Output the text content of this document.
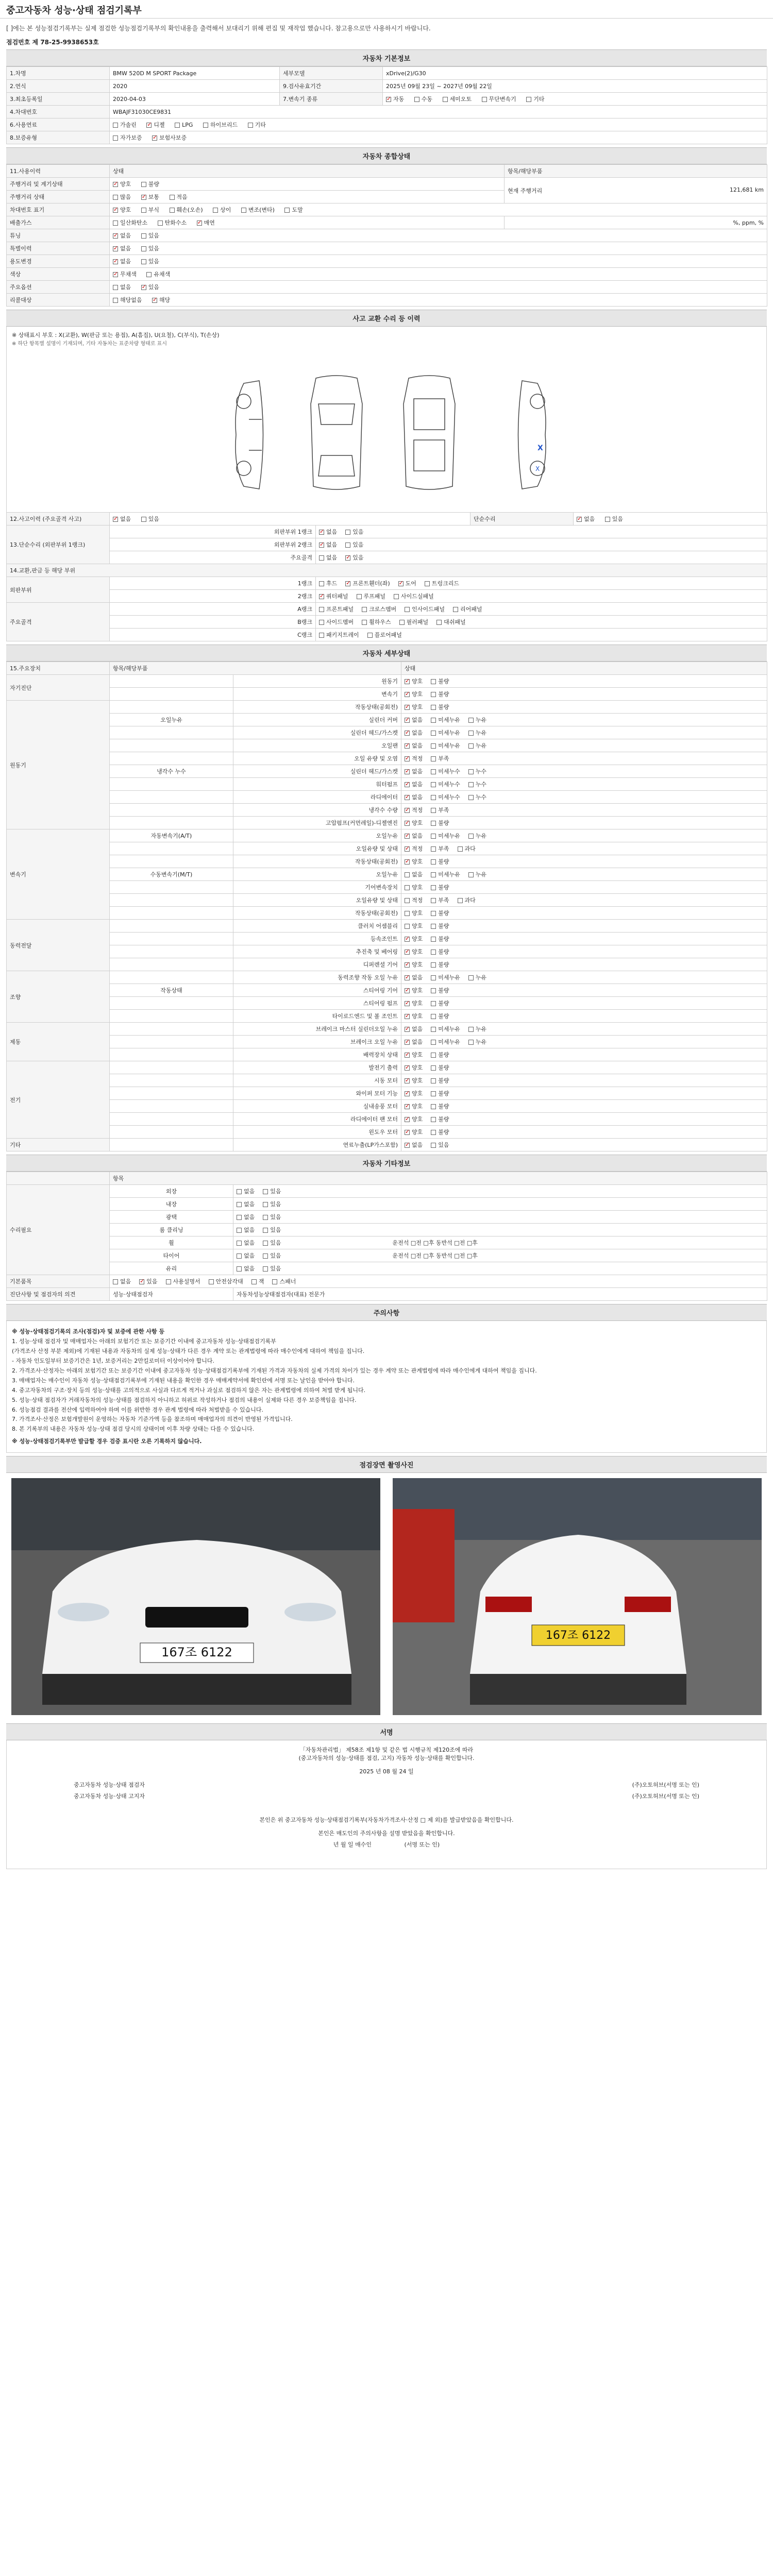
중고자동차 성능·상태 점검기록부
[ ]에는 본 성능점검기록부는 실제 점검한 성능점검기록부의 확인내용을 출력해서 보대리기 위해 편집 및 재작업 했습니다. 참고용으로만 사용하시기 바랍니다.
점검번호 제 78-25-9938653호
자동차 기본정보
1.차명	BMW 520D M SPORT Package	세부모델	xDrive(2)/G30
2.연식	2020	9.검사유효기간	2025년 09월 23일 ~ 2027년 09월 22일
3.최초등록일	2020-04-03	7.변속기 종류	✓자동 수동 세미오토 무단변속기 기타
4.차대번호	WBAJF31030CE9831		
6.사용연료	가솔린 ✓ 디젤 LPG 하이브리드 기타
8.보증유형	자가보증 ✓ 보험사보증
자동차 종합상태
11.사용이력	상태	항목/해당부품
주행거리 및 계기상태	✓양호 불량	현재 주행거리 121,681 km

주행거리 상태	많음 ✓ 보통 적음
차대번호 표기	✓양호 부식 훼손(오손) 상이 변조(변타) 도말
배출가스	일산화탄소 탄화수소 ✓ 매연	%, ppm, %
튜닝	✓없음 있음
특별이력	✓없음 있음
용도변경	✓없음 있음
색상	✓무채색 유채색
주요옵션	없음 ✓ 있음
리콜대상	해당없음 ✓ 해당
사고 교환 수리 등 이력
※ 상태표시 부호 : X(교환), W(판금 또는 용접), A(흠집), U(요철), C(부식), T(손상)
※ 하단 항목별 설명이 기재되며, 기타 자동차는 표준차량 형태로 표시
X
X
12.사고이력 (주요골격 사고)	✓없음 있음		단순수리	✓없음 있음
13.단순수리 (외판부위 1랭크)	외판부위 1랭크	✓없음 있음
	외판부위 2랭크	✓없음 있음
	주요골격	없음 ✓ 있음
14.교환,판금 등 해당 부위				
외판부위	1랭크	후드 ✓ 프론트휀더(좌) ✓ 도어 트렁크리드
	2랭크	✓쿼터패널 루프패널 사이드실패널
주요골격	A랭크	프론트패널 크로스멤버 인사이드패널 리어패널		
	B랭크	사이드멤버 휠하우스 필러패널 대쉬패널		
	C랭크	패키지트레이 플로어패널		
자동차 세부상태
15.주요장치	항목/해당부품		상태
자기진단		원동기	✓양호 불량
		변속기	✓양호 불량
원동기		작동상태(공회전)	✓양호 불량
	오일누유	실린더 커버	✓없음 미세누유 누유
		실린더 헤드/가스켓	✓없음 미세누유 누유
		오일팬	✓없음 미세누유 누유
		오일 유량 및 오염	✓적정 부족
	냉각수 누수	실린더 헤드/가스켓	✓없음 미세누수 누수
		워터펌프	✓없음 미세누수 누수
		라디에이터	✓없음 미세누수 누수
		냉각수 수량	✓적정 부족
		고압펌프(커먼레일)-디젤엔진	✓양호 불량
변속기	자동변속기(A/T)	오일누유	✓없음 미세누유 누유
		오일유량 및 상태	✓적정 부족 과다
		작동상태(공회전)	✓양호 불량
	수동변속기(M/T)	오일누유	없음 미세누유 누유
		기어변속장치	양호 불량
		오일유량 및 상태	적정 부족 과다
		작동상태(공회전)	양호 불량
동력전달		클러치 어셈블리	양호 불량
		등속조인트	✓양호 불량
		추진축 및 베어링	✓양호 불량
		디퍼렌셜 기어	✓양호 불량
조향		동력조향 작동 오일 누유	✓없음 미세누유 누유
	작동상태	스티어링 기어	✓양호 불량
		스티어링 펌프	✓양호 불량
		타이로드엔드 및 볼 조인트	✓양호 불량
제동		브레이크 마스터 실린더오일 누유	✓없음 미세누유 누유
		브레이크 오일 누유	✓없음 미세누유 누유
		배력장치 상태	✓양호 불량
전기		발전기 출력	✓양호 불량
		시동 모터	✓양호 불량
		와이퍼 모터 기능	✓양호 불량
		실내송풍 모터	✓양호 불량
		라디에이터 팬 모터	✓양호 불량
		윈도우 모터	✓양호 불량
기타		연료누출(LP가스포함)	✓없음 있음
자동차 기타정보
	항목	
수리필요	외장	없음 있음
	내장	없음 있음
	광택	없음 있음
	룸 클리닝	없음 있음
	휠	없음 있음 운전석 □전 □후 동반석 □전 □후
	타이어	없음 있음 운전석 □전 □후 동반석 □전 □후
	유리	없음 있음
기본품목	없음 ✓ 있음 사용설명서 안전삼각대 잭 스패너
진단사항 및 점검자의 의견	성능·상태점검자	자동차성능상태점검자(대표) 전문가
주의사항

※ 성능·상태점검기록의 조사(점검)자 및 보증에 관한 사항 등

1. 성능·상태 점검자 및 매매업자는 아래의 보험기간 또는 보증기간 이내에 중고자동차 성능·상태점검기록부

(가격조사 산정 부분 제외)에 기재된 내용과 자동차의 실제 성능·상태가 다른 경우 계약 또는 관계법령에 따라 매수인에게 대하여 책임을 집니다.

- 자동차 인도일부터 보증기간은 1년, 보증거리는 2만킬로미터 이상이어야 합니다.

2. 가격조사·산정자는 아래의 보험기간 또는 보증기간 이내에 중고자동차 성능·상태점검기록부에 기재된 가격과 자동차의 실제 가격의 차이가 있는 경우 계약 또는 관계법령에 따라 매수인에게 대하여 책임을 집니다.

3. 매매업자는 매수인이 자동차 성능·상태점검기록부에 기재된 내용을 확인한 경우 매매계약서에 확인란에 서명 또는 날인을 받아야 합니다.

4. 중고자동차의 구조·장치 등의 성능·상태를 고의적으로 사실과 다르게 적거나 과실로 점검하지 않은 자는 관계법령에 의하여 처벌 받게 됩니다.

5. 성능·상태 점검자가 거래자동차의 성능·상태를 점검하지 아니하고 허위로 작성하거나 점검의 내용이 실제와 다른 경우 보증책임을 집니다.

6. 성능점검 결과를 전산에 입력하여야 하며 이를 위반한 경우 관계 법령에 따라 처벌받을 수 있습니다.

7. 가격조사·산정은 보험개발원이 운영하는 자동차 기준가액 등을 참조하며 매매업자의 의견이 반영된 가격입니다.

8. 본 기록부의 내용은 자동차 성능·상태 점검 당시의 상태이며 이후 차량 상태는 다를 수 있습니다.

※ 성능·상태점검기록부만 발급할 경우 검증 표시란 오른 기록하지 않습니다.

점검장면 촬영사진
167조 6122
167조 6122
서명
「자동차관리법」 제58조 제1항 및 같은 법 시행규칙 제120조에 따라
(중고자동차의 성능·상태를 점검, 고지) 자동차 성능·상태를 확인합니다.
2025 년 08 월 24 일
중고자동차 성능·상태 점검자	(주)오토허브(서명 또는 인)
중고자동차 성능·상태 고지자	(주)오토허브(서명 또는 인)
본인은 위 중고자동차 성능·상태점검기록부(자동차가격조사·산정 □ 제 외)를 발급받았음을 확인합니다.
본인은 매도인의 주의사항을 설명 받았음을 확인합니다.
년 월 일 매수인	(서명 또는 인)
